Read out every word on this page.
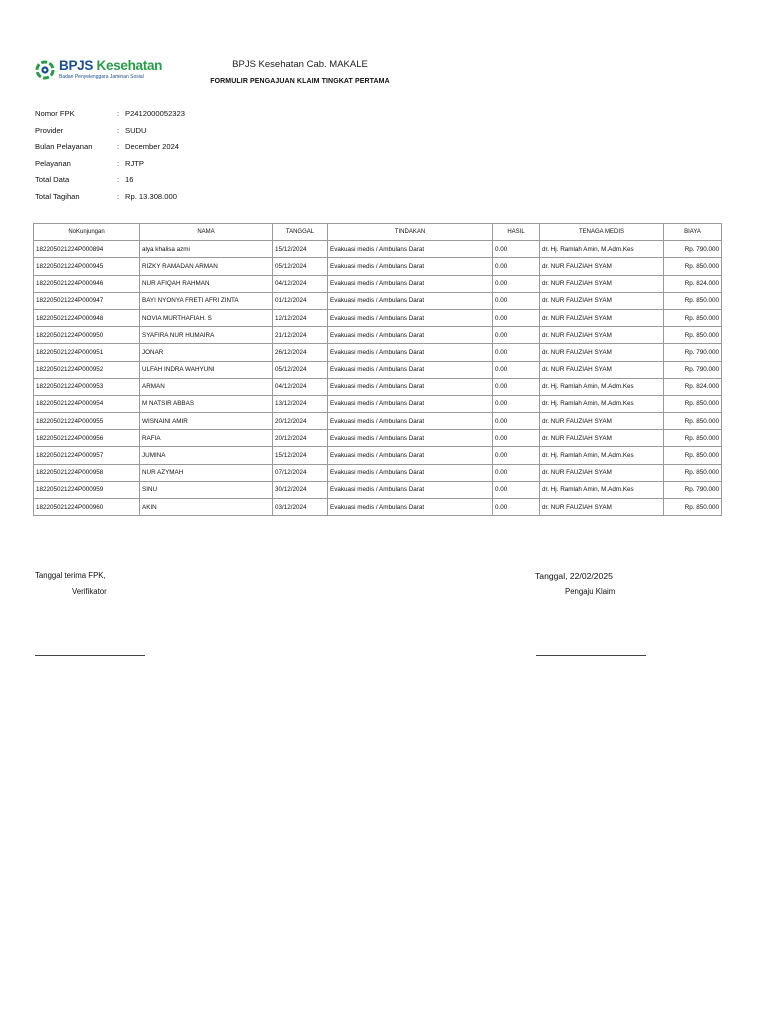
BPJS Kesehatan
Badan Penyelenggara Jaminan Sosial
BPJS Kesehatan Cab. MAKALE
FORMULIR PENGAJUAN KLAIM TINGKAT PERTAMA
Nomor FPK	: P2412000052323
Provider	: SUDU
Bulan Pelayanan	: December 2024
Pelayanan	: RJTP
Total Data	: 16
Total Tagihan	: Rp. 13.308.000
NoKunjungan	NAMA	TANGGAL	TINDAKAN	HASIL	TENAGA MEDIS	BIAYA
182205021224P000894	alya khalisa azmi	15/12/2024	Evakuasi medis / Ambulans Darat	0.00	dr. Hj. Ramlah Amin, M.Adm.Kes	Rp. 790.000
182205021224P000945	RIZKY RAMADAN ARMAN	05/12/2024	Evakuasi medis / Ambulans Darat	0.00	dr. NUR FAUZIAH SYAM	Rp. 850.000
182205021224P000946	NUR AFIQAH RAHMAN	04/12/2024	Evakuasi medis / Ambulans Darat	0.00	dr. NUR FAUZIAH SYAM	Rp. 824.000
182205021224P000947	BAYI NYONYA FRETI AFRI ZINTA	01/12/2024	Evakuasi medis / Ambulans Darat	0.00	dr. NUR FAUZIAH SYAM	Rp. 850.000
182205021224P000948	NOVIA MURTHAFIAH. S	12/12/2024	Evakuasi medis / Ambulans Darat	0.00	dr. NUR FAUZIAH SYAM	Rp. 850.000
182205021224P000950	SYAFIRA NUR HUMAIRA	21/12/2024	Evakuasi medis / Ambulans Darat	0.00	dr. NUR FAUZIAH SYAM	Rp. 850.000
182205021224P000951	JONAR	26/12/2024	Evakuasi medis / Ambulans Darat	0.00	dr. NUR FAUZIAH SYAM	Rp. 790.000
182205021224P000952	ULFAH INDRA WAHYUNI	05/12/2024	Evakuasi medis / Ambulans Darat	0.00	dr. NUR FAUZIAH SYAM	Rp. 790.000
182205021224P000953	ARMAN	04/12/2024	Evakuasi medis / Ambulans Darat	0.00	dr. Hj. Ramlah Amin, M.Adm.Kes	Rp. 824.000
182205021224P000954	M NATSIR ABBAS	13/12/2024	Evakuasi medis / Ambulans Darat	0.00	dr. Hj. Ramlah Amin, M.Adm.Kes	Rp. 850.000
182205021224P000955	WISNAINI AMIR	20/12/2024	Evakuasi medis / Ambulans Darat	0.00	dr. NUR FAUZIAH SYAM	Rp. 850.000
182205021224P000956	RAFIA	20/12/2024	Evakuasi medis / Ambulans Darat	0.00	dr. NUR FAUZIAH SYAM	Rp. 850.000
182205021224P000957	JUMINA	15/12/2024	Evakuasi medis / Ambulans Darat	0.00	dr. Hj. Ramlah Amin, M.Adm.Kes	Rp. 850.000
182205021224P000958	NUR AZYMAH	07/12/2024	Evakuasi medis / Ambulans Darat	0.00	dr. NUR FAUZIAH SYAM	Rp. 850.000
182205021224P000959	SINU	30/12/2024	Evakuasi medis / Ambulans Darat	0.00	dr. Hj. Ramlah Amin, M.Adm.Kes	Rp. 790.000
182205021224P000960	AKIN	03/12/2024	Evakuasi medis / Ambulans Darat	0.00	dr. NUR FAUZIAH SYAM	Rp. 850.000
Tanggal terima FPK,
Verifikator
Tanggal, 22/02/2025
Pengaju Klaim
